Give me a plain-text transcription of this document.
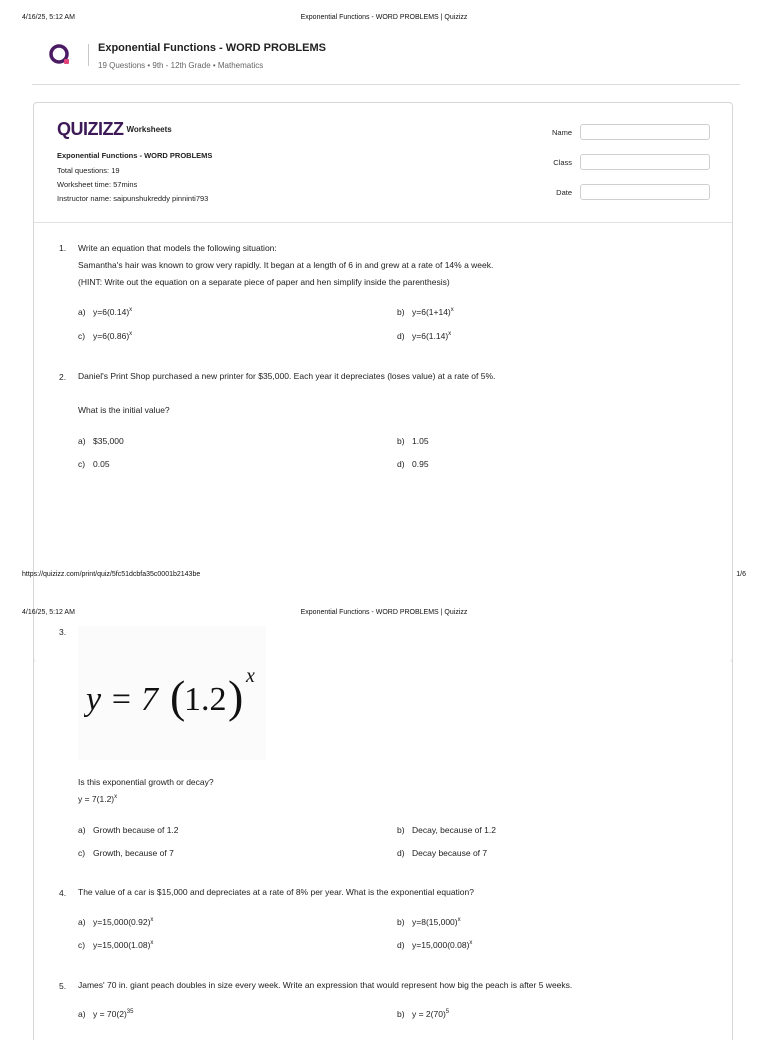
4/16/25, 5:12 AM	Exponential Functions - WORD PROBLEMS | Quizizz
Exponential Functions - WORD PROBLEMS
19 Questions • 9th - 12th Grade • Mathematics
QUIZIZZ Worksheets
Exponential Functions - WORD PROBLEMS
Total questions: 19
Worksheet time: 57mins
Instructor name: saipunshukreddy pinninti793
Name
Class
Date
1. Write an equation that models the following situation:
Samantha's hair was known to grow very rapidly. It began at a length of 6 in and grew at a rate of 14% a week.
(HINT: Write out the equation on a separate piece of paper and hen simplify inside the parenthesis)
a) $y=6(0.14)^x$	b) $y=6(1+14)^x$
c) $y=6(0.86)^x$	d) $y=6(1.14)^x$
2. Daniel's Print Shop purchased a new printer for $35,000. Each year it depreciates (loses value) at a rate of 5%.
What is the initial value?
a) $35,000	b) 1.05
c) 0.05	d) 0.95
https://quizizz.com/print/quiz/5fc51dcbfa35c0001b2143be	1/6
4/16/25, 5:12 AM	Exponential Functions - WORD PROBLEMS | Quizizz
3.
y = 7 (
1.2 ) x
Is this exponential growth or decay?
$y = 7(1.2)^x$
a) Growth because of 1.2	b) Decay, because of 1.2
c) Growth, because of 7	d) Decay because of 7
4. The value of a car is $15,000 and depreciates at a rate of 8% per year. What is the exponential equation?
a) $y=15,000(0.92)^x$	b) $y=8(15,000)^x$
c) $y=15,000(1.08)^x$	d) $y=15,000(0.08)^x$
5. James' 70 in. giant peach doubles in size every week. Write an expression that would represent how big the peach is after 5 weeks.
a) $y = 70(2)^{35}$	b) $y = 2(70)^5$
